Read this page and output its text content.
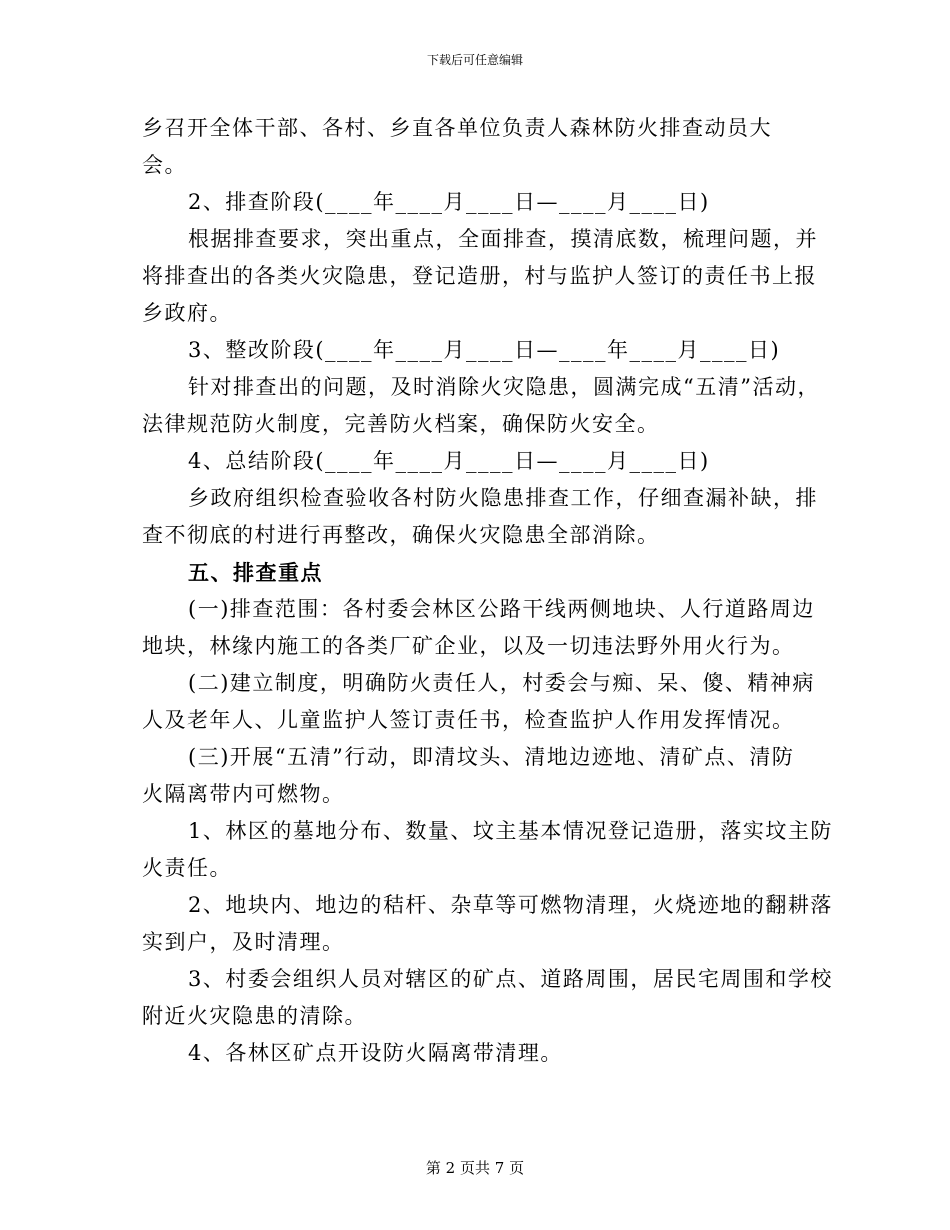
下载后可任意编辑
乡召开全体干部、各村、乡直各单位负责人森林防火排查动员大
会。
2、排查阶段(____年____月____日—____月____日)
根据排查要求，突出重点，全面排查，摸清底数，梳理问题，并
将排查出的各类火灾隐患，登记造册，村与监护人签订的责任书上报
乡政府。
3、整改阶段(____年____月____日—____年____月____日)
针对排查出的问题，及时消除火灾隐患，圆满完成“五清”活动，
法律规范防火制度，完善防火档案，确保防火安全。
4、总结阶段(____年____月____日—____月____日)
乡政府组织检查验收各村防火隐患排查工作，仔细查漏补缺，排
查不彻底的村进行再整改，确保火灾隐患全部消除。
五、排查重点
(一)排查范围：各村委会林区公路干线两侧地块、人行道路周边
地块，林缘内施工的各类厂矿企业，以及一切违法野外用火行为。
(二)建立制度，明确防火责任人，村委会与痴、呆、傻、精神病
人及老年人、儿童监护人签订责任书，检查监护人作用发挥情况。
(三)开展“五清”行动，即清坟头、清地边迹地、清矿点、清防
火隔离带内可燃物。
1、林区的墓地分布、数量、坟主基本情况登记造册，落实坟主防
火责任。
2、地块内、地边的秸杆、杂草等可燃物清理，火烧迹地的翻耕落
实到户，及时清理。
3、村委会组织人员对辖区的矿点、道路周围，居民宅周围和学校
附近火灾隐患的清除。
4、各林区矿点开设防火隔离带清理。
第 2 页共 7 页
